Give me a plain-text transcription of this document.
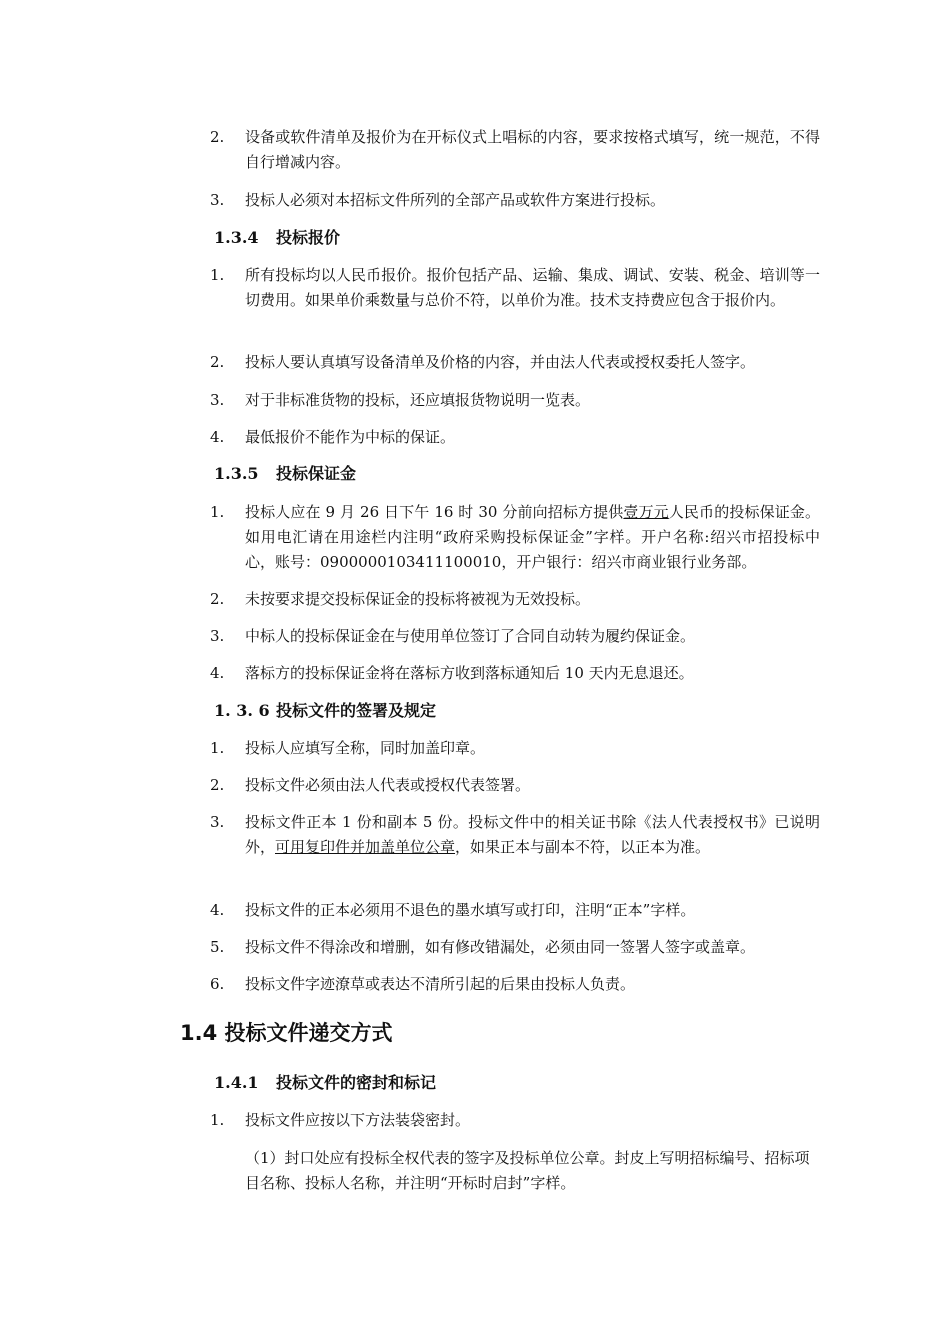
2.	设备或软件清单及报价为在开标仪式上唱标的内容，要求按格式填写，统一规范，不得自行增减内容。
3.	投标人必须对本招标文件所列的全部产品或软件方案进行投标。
1.3.4 投标报价
1.	所有投标均以人民币报价。报价包括产品、运输、集成、调试、安装、税金、培训等一切费用。如果单价乘数量与总价不符，以单价为准。技术支持费应包含于报价内。
2.	投标人要认真填写设备清单及价格的内容，并由法人代表或授权委托人签字。
3.	对于非标准货物的投标，还应填报货物说明一览表。
4.	最低报价不能作为中标的保证。
1.3.5 投标保证金
1.	投标人应在 9 月 26 日下午 16 时 30 分前向招标方提供壹万元人民币的投标保证金。如用电汇请在用途栏内注明“政府采购投标保证金”字样。开户名称:绍兴市招投标中心，账号：090000010341110001​0，开户银行：绍兴市商业银行业务部。
2.	未按要求提交投标保证金的投标将被视为无效投标。
3.	中标人的投标保证金在与使用单位签订了合同自动转为履约保证金。
4.	落标方的投标保证金将在落标方收到落标通知后 10 天内无息退还。
1. 3. 6 投标文件的签署及规定
1.	投标人应填写全称，同时加盖印章。
2.	投标文件必须由法人代表或授权代表签署。
3.	投标文件正本 1 份和副本 5 份。投标文件中的相关证书除《法人代表授权书》已说明外，可用复印件并加盖单位公章，如果正本与副本不符，以正本为准。
4.	投标文件的正本必须用不退色的墨水填写或打印，注明“正本”字样。
5.	投标文件不得涂改和增删，如有修改错漏处，必须由同一签署人签字或盖章。
6.	投标文件字迹潦草或表达不清所引起的后果由投标人负责。
1.4 投标文件递交方式
1.4.1 投标文件的密封和标记
1.	投标文件应按以下方法装袋密封。
（1）封口处应有投标全权代表的签字及投标单位公章。封皮上写明招标编号、招标项目名称、投标人名称，并注明“开标时启封”字样。
